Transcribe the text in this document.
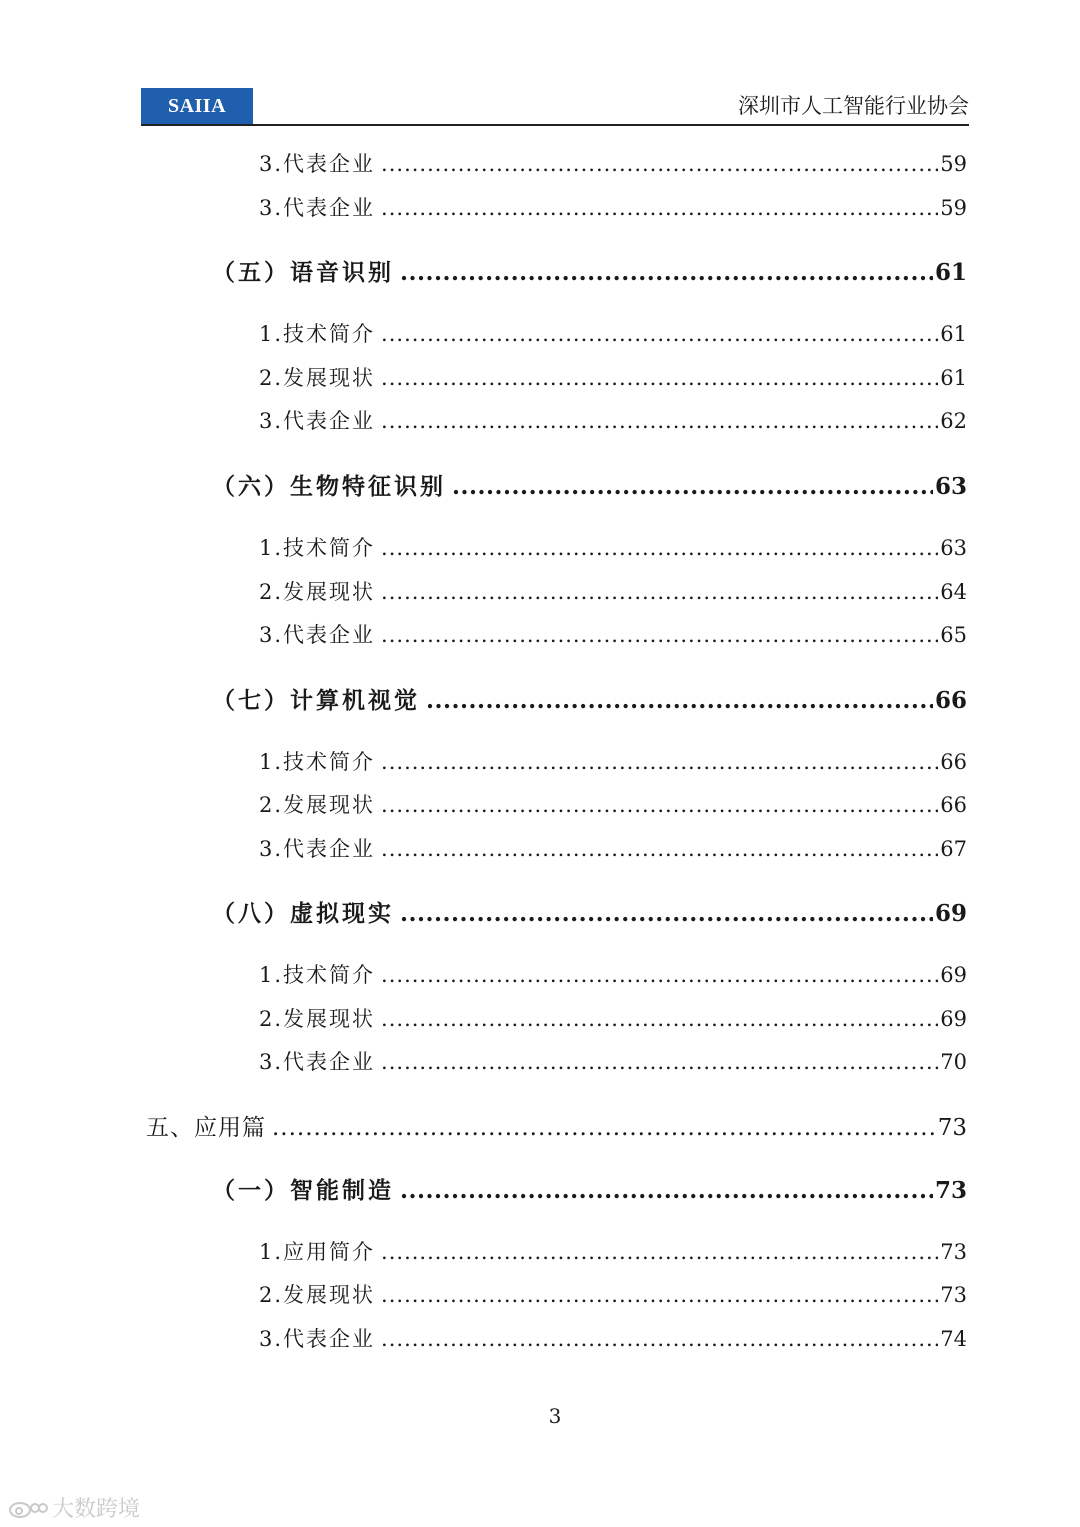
SAIIA	深圳市人工智能行业协会
3.代表企业 .....	59
3.代表企业 .....	59
（五）语音识别 .....	61
1.技术简介 .....	61
2.发展现状 .....	61
3.代表企业 .....	62
（六）生物特征识别 .....	63
1.技术简介 .....	63
2.发展现状 .....	64
3.代表企业 .....	65
（七）计算机视觉 .....	66
1.技术简介 .....	66
2.发展现状 .....	66
3.代表企业 .....	67
（八）虚拟现实 .....	69
1.技术简介 .....	69
2.发展现状 .....	69
3.代表企业 .....	70
五、应用篇 .....	73
（一）智能制造 .....	73
1.应用简介 .....	73
2.发展现状 .....	73
3.代表企业 .....	74
3
大数跨境
